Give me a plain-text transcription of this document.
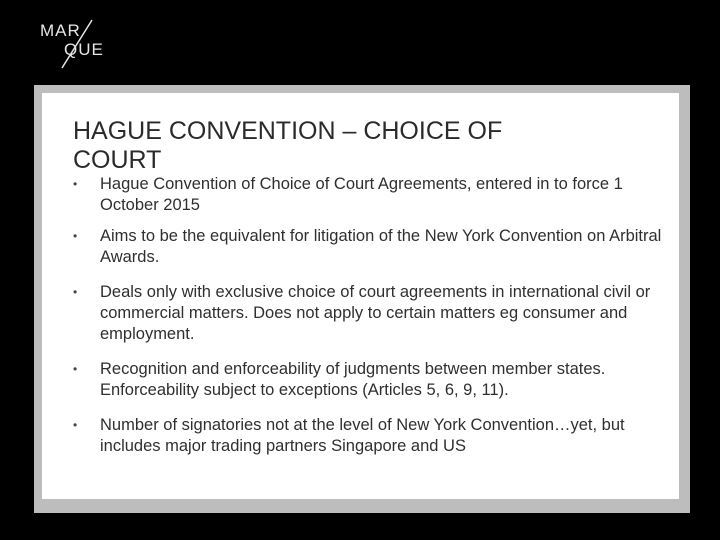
MAR
QUE
HAGUE CONVENTION – CHOICE OF COURT
• Hague Convention of Choice of Court Agreements, entered in to force 1 October 2015
• Aims to be the equivalent for litigation of the New York Convention on Arbitral Awards.
• Deals only with exclusive choice of court agreements in international civil or commercial matters. Does not apply to certain matters eg consumer and employment.
• Recognition and enforceability of judgments between member states. Enforceability subject to exceptions (Articles 5, 6, 9, 11).
• Number of signatories not at the level of New York Convention…yet, but includes major trading partners Singapore and US
